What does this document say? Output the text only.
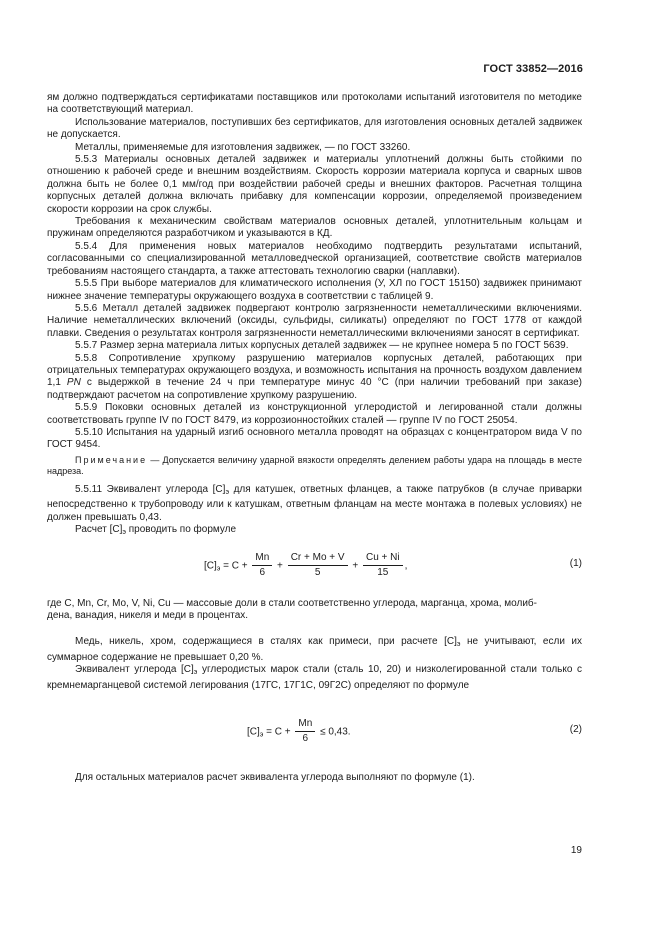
ГОСТ 33852—2016

ям должно подтверждаться сертификатами поставщиков или протоколами испытаний изготовителя по методике на соответствующий материал.

Использование материалов, поступивших без сертификатов, для изготовления основных деталей задвижек не допускается.

Металлы, применяемые для изготовления задвижек, — по ГОСТ 33260.

5.5.3 Материалы основных деталей задвижек и материалы уплотнений должны быть стойкими по отношению к рабочей среде и внешним воздействиям. Скорость коррозии материала корпуса и сварных швов должна быть не более 0,1 мм/год при воздействии рабочей среды и внешних факторов. Расчетная толщина корпусных деталей должна включать прибавку для компенсации коррозии, определяемой произведением скорости коррозии на срок службы.

Требования к механическим свойствам материалов основных деталей, уплотнительным кольцам и пружинам определяются разработчиком и указываются в КД.

5.5.4 Для применения новых материалов необходимо подтвердить результатами испытаний, согласованными со специализированной металловедческой организацией, соответствие свойств материалов требованиям настоящего стандарта, а также аттестовать технологию сварки (наплавки).

5.5.5 При выборе материалов для климатического исполнения (У, ХЛ по ГОСТ 15150) задвижек принимают нижнее значение температуры окружающего воздуха в соответствии с таблицей 9.

5.5.6 Металл деталей задвижек подвергают контролю загрязненности неметаллическими включениями. Наличие неметаллических включений (оксиды, сульфиды, силикаты) определяют по ГОСТ 1778 от каждой плавки. Сведения о результатах контроля загрязненности неметаллическими включениями заносят в сертификат.

5.5.7 Размер зерна материала литых корпусных деталей задвижек — не крупнее номера 5 по ГОСТ 5639.

5.5.8 Сопротивление хрупкому разрушению материалов корпусных деталей, работающих при отрицательных температурах окружающего воздуха, и возможность испытания на прочность воздухом давлением 1,1 PN с выдержкой в течение 24 ч при температуре минус 40 °С (при наличии требований при заказе) подтверждают расчетом на сопротивление хрупкому разрушению.

5.5.9 Поковки основных деталей из конструкционной углеродистой и легированной стали должны соответствовать группе IV по ГОСТ 8479, из коррозионностойких сталей — группе IV по ГОСТ 25054.

5.5.10 Испытания на ударный изгиб основного металла проводят на образцах с концентратором вида V по ГОСТ 9454.

Примечание — Допускается величину ударной вязкости определять делением работы удара на площадь в месте надреза.

5.5.11 Эквивалент углерода $[C]_э$ для катушек, ответных фланцев, а также патрубков (в случае приварки непосредственно к трубопроводу или к катушкам, ответным фланцам на месте монтажа в полевых условиях) не должен превышать 0,43.

Расчет $[C]_э$ проводить по формуле

$[C]_э = C + \frac{Mn}{6} + \frac{Cr + Mo + V}{5} + \frac{Cu + Ni}{15}$ ,	(1)
где C, Mn, Cr, Mo, V, Ni, Cu — массовые доли в стали соответственно углерода, марганца, хрома, молиб-

дена, ванадия, никеля и меди в процентах.

Медь, никель, хром, содержащиеся в сталях как примеси, при расчете $[C]_э$ не учитывают, если их суммарное содержание не превышает 0,20 %.

Эквивалент углерода $[C]_э$ углеродистых марок стали (сталь 10, 20) и низколегированной стали только с кремнемарганцевой системой легирования (17ГС, 17Г1С, 09Г2С) определяют по формуле

$[C]_э = C + \frac{Mn}{6} \le 0,43$.	(2)

Для остальных материалов расчет эквивалента углерода выполняют по формуле (1).

19
